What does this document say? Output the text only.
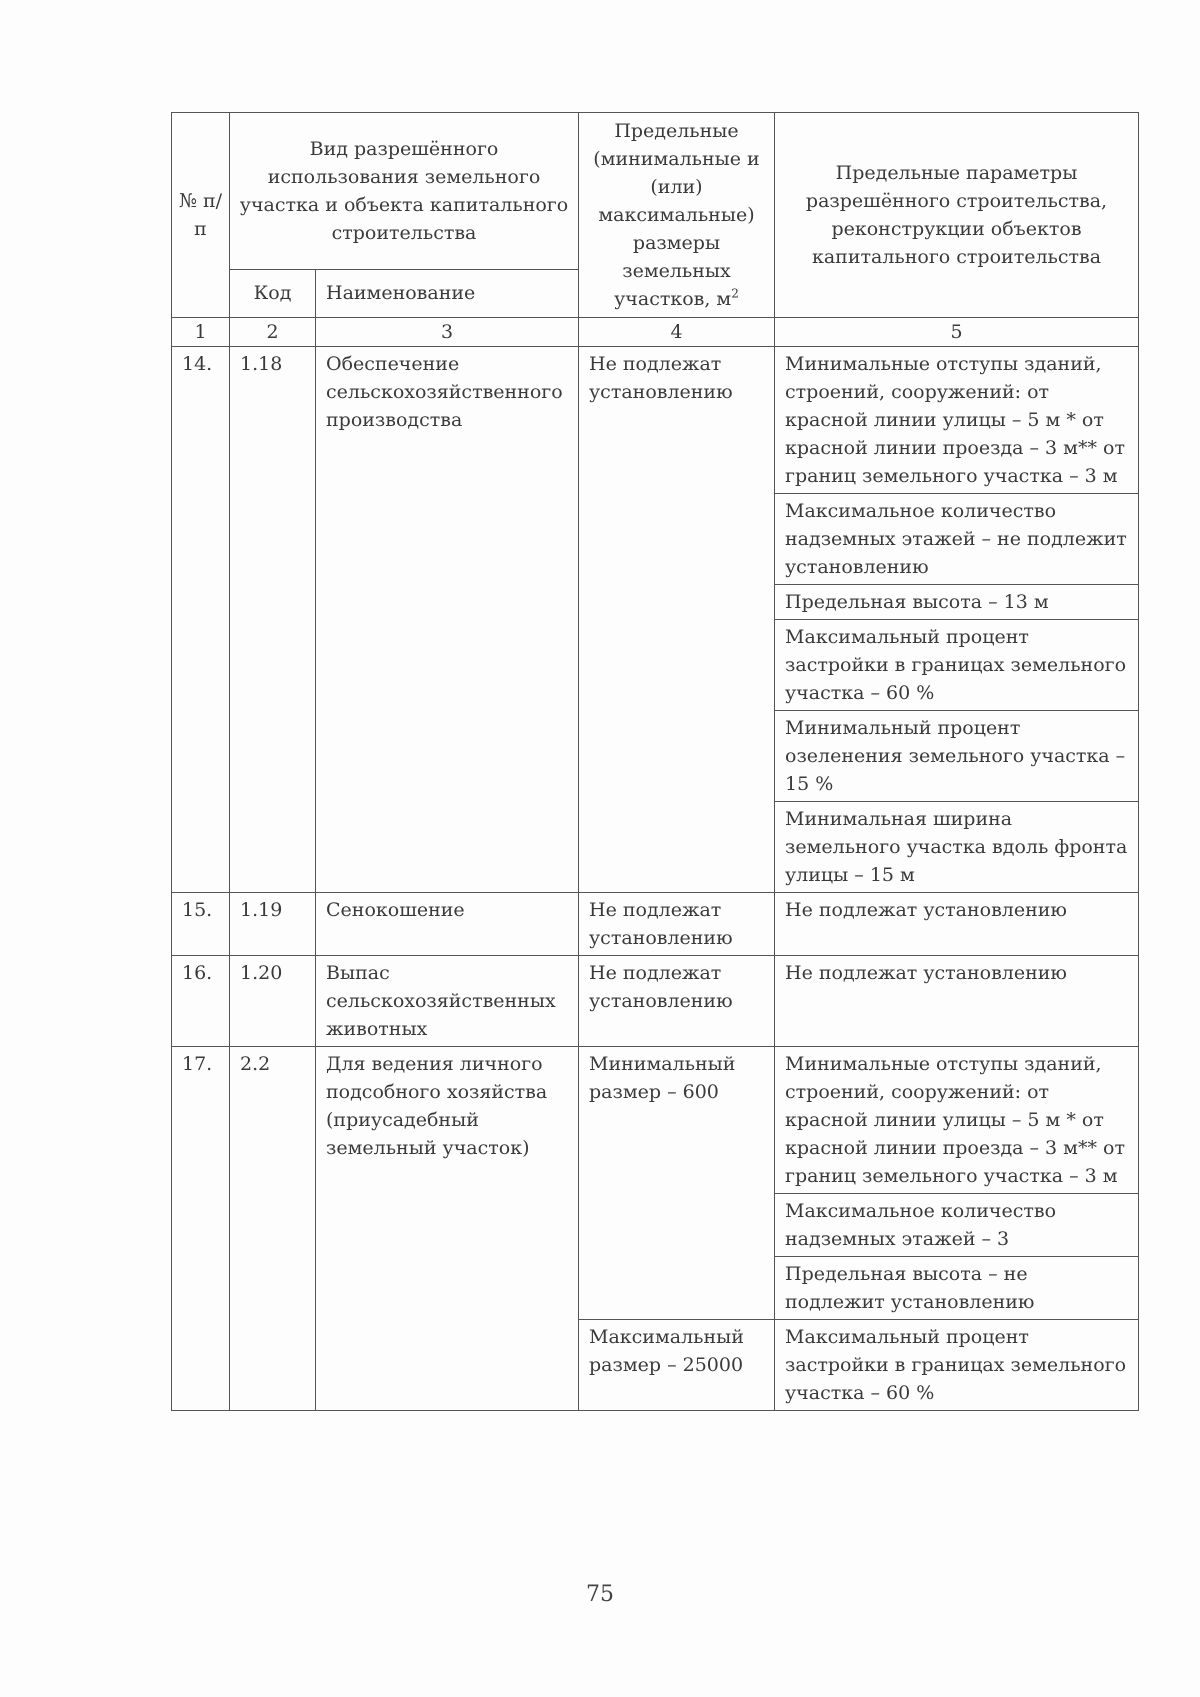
№ п/п	Вид разрешённого использования земельного участка и объекта капитального строительства		Предельные (минимальные и (или) максимальные) размеры земельных участков, $м^2$	Предельные параметры разрешённого строительства, реконструкции объектов капитального строительства
	Код	Наименование		
1	2	3	4	5
14.	1.18	Обеспечение сельскохозяйственного производства	Не подлежат установлению	Минимальные отступы зданий, строений, сооружений: от красной линии улицы – 5 м * от красной линии проезда – 3 м** от границ земельного участка – 3 м
				Максимальное количество надземных этажей – не подлежит установлению
				Предельная высота – 13 м
				Максимальный процент застройки в границах земельного участка – 60 %
				Минимальный процент озеленения земельного участка – 15 %
				Минимальная ширина земельного участка вдоль фронта улицы – 15 м
15.	1.19	Сенокошение	Не подлежат установлению	Не подлежат установлению
16.	1.20	Выпас сельскохозяйственных животных	Не подлежат установлению	Не подлежат установлению
17.	2.2	Для ведения личного подсобного хозяйства (приусадебный земельный участок)	Минимальный размер – 600	Минимальные отступы зданий, строений, сооружений: от красной линии улицы – 5 м * от красной линии проезда – 3 м** от границ земельного участка – 3 м
				Максимальное количество надземных этажей – 3
				Предельная высота – не подлежит установлению
			Максимальный размер – 25000	Максимальный процент застройки в границах земельного участка – 60 %
75
